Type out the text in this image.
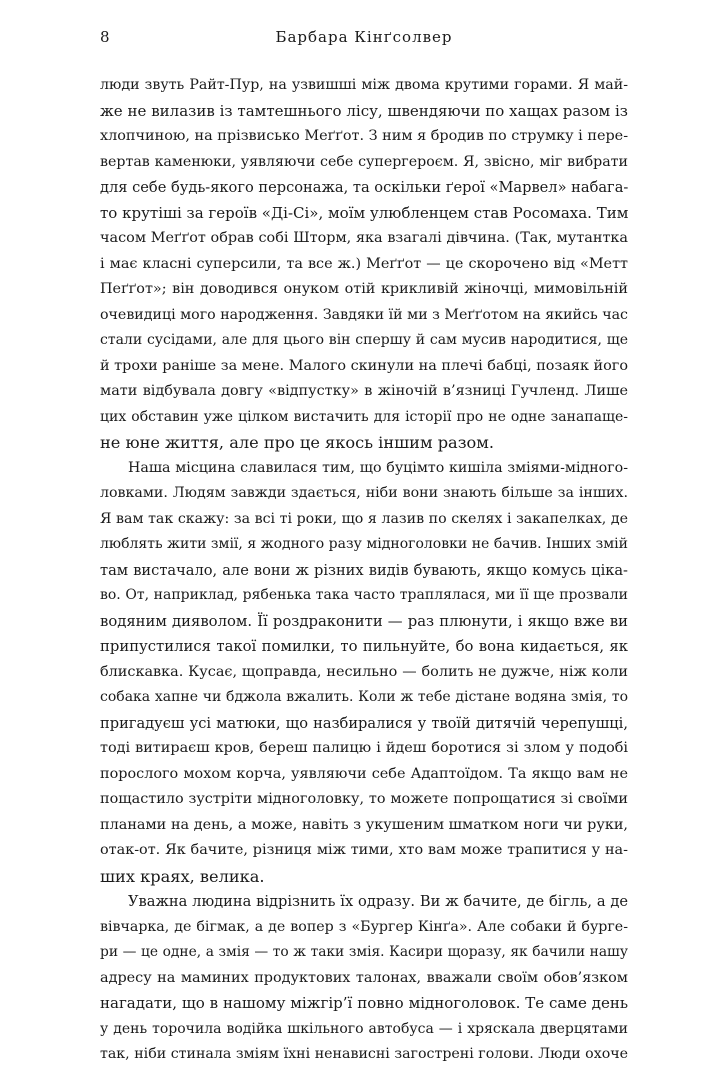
8	Барбара Кінґсолвер
люди звуть Райт-Пур, на узвишші між двома крутими горами. Я май-
же не вилазив із тамтешнього лісу, швендяючи по хащах разом із
хлопчиною, на прізвисько Меґґот. З ним я бродив по струмку і пере-
вертав каменюки, уявляючи себе супергероєм. Я, звісно, міг вибрати
для себе будь-якого персонажа, та оскільки ґерої «Марвел» набага-
то крутіші за героїв «Ді-Сі», моїм улюбленцем став Росомаха. Тим
часом Меґґот обрав собі Шторм, яка взагалі дівчина. (Так, мутантка
і має класні суперсили, та все ж.) Меґґот — це скорочено від «Метт
Пеґґот»; він доводився онуком отій крикливій жіночці, мимовільній
очевидиці мого народження. Завдяки їй ми з Меґґотом на якийсь час
стали сусідами, але для цього він спершу й сам мусив народитися, ще
й трохи раніше за мене. Малого скинули на плечі бабці, позаяк його
мати відбувала довгу «відпустку» в жіночій в’язниці Гучленд. Лише
цих обставин уже цілком вистачить для історії про не одне занапаще-
не юне життя, але про це якось іншим разом.
Наша місцина славилася тим, що буцімто кишіла зміями-мідного-
ловками. Людям завжди здається, ніби вони знають більше за інших.
Я вам так скажу: за всі ті роки, що я лазив по скелях і закапелках, де
люблять жити змії, я жодного разу мідноголовки не бачив. Інших змій
там вистачало, але вони ж різних видів бувають, якщо комусь ціка-
во. От, наприклад, рябенька така часто траплялася, ми її ще прозвали
водяним дияволом. Її роздраконити — раз плюнути, і якщо вже ви
припустилися такої помилки, то пильнуйте, бо вона кидається, як
блискавка. Кусає, щоправда, несильно — болить не дужче, ніж коли
собака хапне чи бджола вжалить. Коли ж тебе дістане водяна змія, то
пригадуєш усі матюки, що назбиралися у твоїй дитячій черепушці,
тоді витираєш кров, береш палицю і йдеш боротися зі злом у подобі
порослого мохом корча, уявляючи себе Адаптоїдом. Та якщо вам не
пощастило зустріти мідноголовку, то можете попрощатися зі своїми
планами на день, а може, навіть з укушеним шматком ноги чи руки,
отак-от. Як бачите, різниця між тими, хто вам може трапитися у на-
ших краях, велика.
Уважна людина відрізнить їх одразу. Ви ж бачите, де бігль, а де
вівчарка, де бігмак, а де вопер з «Бургер Кінґа». Але собаки й бурге-
ри — це одне, а змія — то ж таки змія. Касири щоразу, як бачили нашу
адресу на маминих продуктових талонах, вважали своїм обов’язком
нагадати, що в нашому міжгір’ї повно мідноголовок. Те саме день
у день торочила водійка шкільного автобуса — і хряскала дверцятами
так, ніби стинала зміям їхні ненависні загострені голови. Люди охоче
